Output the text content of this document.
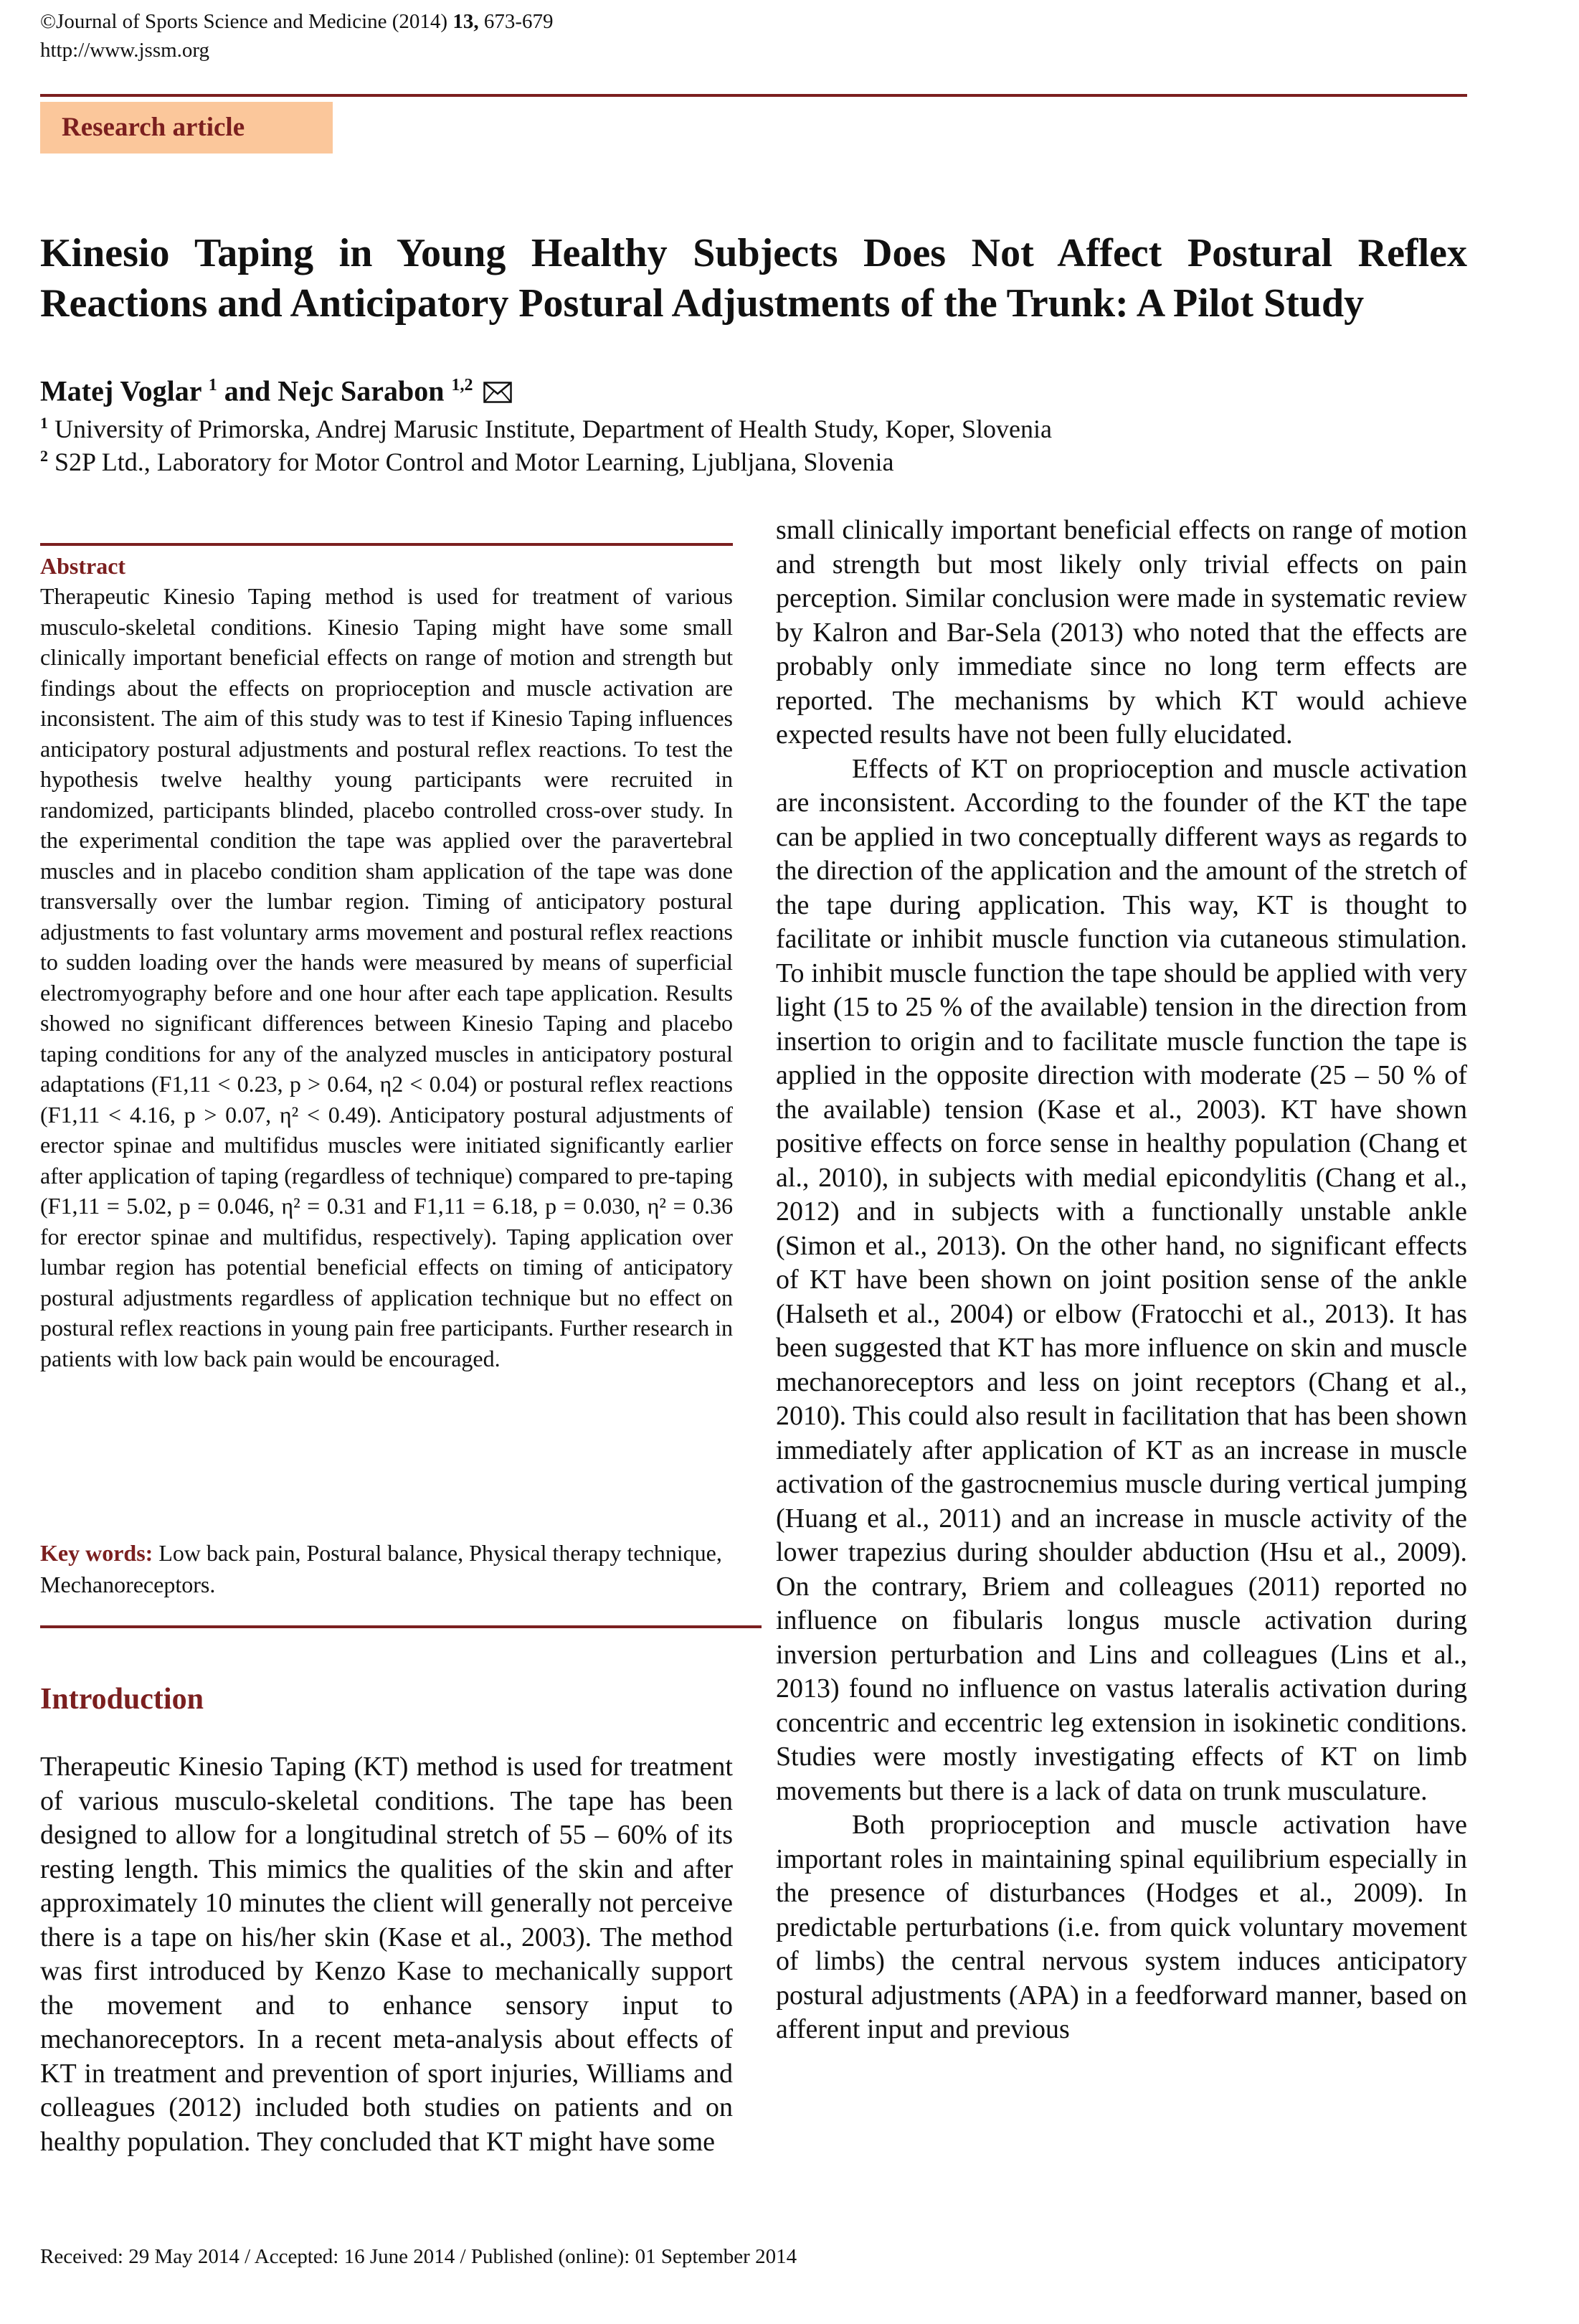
©Journal of Sports Science and Medicine (2014) 13, 673-679
http://www.jssm.org
Research article
Kinesio Taping in Young Healthy Subjects Does Not Affect Postural Reflex
Reactions and Anticipatory Postural Adjustments of the Trunk: A Pilot Study
Matej Voglar $^1$ and Nejc Sarabon $^{1,2}$
$^1$ University of Primorska, Andrej Marusic Institute, Department of Health Study, Koper, Slovenia
$^2$ S2P Ltd., Laboratory for Motor Control and Motor Learning, Ljubljana, Slovenia
Abstract

Therapeutic Kinesio Taping method is used for treatment of various musculo-skeletal conditions. Kinesio Taping might have some small clinically important beneficial effects on range of motion and strength but findings about the effects on proprioception and muscle activation are inconsistent. The aim of this study was to test if Kinesio Taping influences anticipatory postural adjustments and postural reflex reactions. To test the hypothesis twelve healthy young participants were recruited in randomized, participants blinded, placebo controlled cross-over study. In the experimental condition the tape was applied over the paravertebral muscles and in placebo condition sham application of the tape was done transversally over the lumbar region. Timing of anticipatory postural adjustments to fast voluntary arms movement and postural reflex reactions to sudden loading over the hands were measured by means of superficial electromyography before and one hour after each tape application. Results showed no significant differences between Kinesio Taping and placebo taping conditions for any of the analyzed muscles in anticipatory postural adaptations (F1,11 < 0.23, p > 0.64, η2 < 0.04) or postural reflex reactions (F1,11 < 4.16, p > 0.07, η² < 0.49). Anticipatory postural adjustments of erector spinae and multifidus muscles were initiated significantly earlier after application of taping (regardless of technique) compared to pre-taping (F1,11 = 5.02, p = 0.046, η² = 0.31 and F1,11 = 6.18, p = 0.030, η² = 0.36 for erector spinae and multifidus, respectively). Taping application over lumbar region has potential beneficial effects on timing of anticipatory postural adjustments regardless of application technique but no effect on postural reflex reactions in young pain free participants. Further research in patients with low back pain would be encouraged.

Key words: Low back pain, Postural balance, Physical therapy technique, Mechanoreceptors.

Introduction

Therapeutic Kinesio Taping (KT) method is used for treatment of various musculo-skeletal conditions. The tape has been designed to allow for a longitudinal stretch of 55 – 60% of its resting length. This mimics the qualities of the skin and after approximately 10 minutes the client will generally not perceive there is a tape on his/her skin (Kase et al., 2003). The method was first introduced by Kenzo Kase to mechanically support the movement and to enhance sensory input to mechanoreceptors. In a recent meta-analysis about effects of KT in treatment and prevention of sport injuries, Williams and colleagues (2012) included both studies on patients and on healthy population. They concluded that KT might have some

small clinically important beneficial effects on range of motion and strength but most likely only trivial effects on pain perception. Similar conclusion were made in systematic review by Kalron and Bar-Sela (2013) who noted that the effects are probably only immediate since no long term effects are reported. The mechanisms by which KT would achieve expected results have not been fully elucidated.

Effects of KT on proprioception and muscle activation are inconsistent. According to the founder of the KT the tape can be applied in two conceptually different ways as regards to the direction of the application and the amount of the stretch of the tape during application. This way, KT is thought to facilitate or inhibit muscle function via cutaneous stimulation. To inhibit muscle function the tape should be applied with very light (15 to 25 % of the available) tension in the direction from insertion to origin and to facilitate muscle function the tape is applied in the opposite direction with moderate (25 – 50 % of the available) tension (Kase et al., 2003). KT have shown positive effects on force sense in healthy population (Chang et al., 2010), in subjects with medial epicondylitis (Chang et al., 2012) and in subjects with a functionally unstable ankle (Simon et al., 2013). On the other hand, no significant effects of KT have been shown on joint position sense of the ankle (Halseth et al., 2004) or elbow (Fratocchi et al., 2013). It has been suggested that KT has more influence on skin and muscle mechanoreceptors and less on joint receptors (Chang et al., 2010). This could also result in facilitation that has been shown immediately after application of KT as an increase in muscle activation of the gastrocnemius muscle during vertical jumping (Huang et al., 2011) and an increase in muscle activity of the lower trapezius during shoulder abduction (Hsu et al., 2009). On the contrary, Briem and colleagues (2011) reported no influence on fibularis longus muscle activation during inversion perturbation and Lins and colleagues (Lins et al., 2013) found no influence on vastus lateralis activation during concentric and eccentric leg extension in isokinetic conditions. Studies were mostly investigating effects of KT on limb movements but there is a lack of data on trunk musculature.

Both proprioception and muscle activation have important roles in maintaining spinal equilibrium especially in the presence of disturbances (Hodges et al., 2009). In predictable perturbations (i.e. from quick voluntary movement of limbs) the central nervous system induces anticipatory postural adjustments (APA) in a feedforward manner, based on afferent input and previous

Received: 29 May 2014 / Accepted: 16 June 2014 / Published (online): 01 September 2014
